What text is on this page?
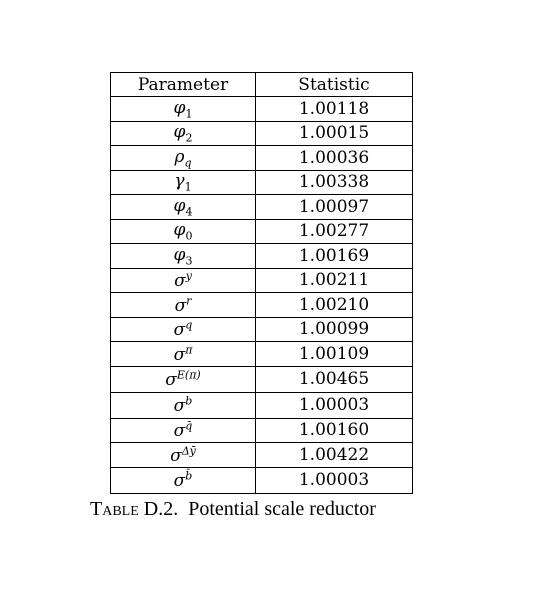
Parameter	Statistic
$\varphi_1$	1.00118
$\varphi_2$	1.00015
$\rho_q$	1.00036
$\gamma_1$	1.00338
$\varphi_4$	1.00097
$\varphi_0$	1.00277
$\varphi_3$	1.00169
$\sigma^y$	1.00211
$\sigma^r$	1.00210
$\sigma^q$	1.00099
$\sigma^\pi$	1.00109
$\sigma^{E(\pi)}$	1.00465
$\sigma^b$	1.00003
$\sigma^{q̄}$	1.00160
$\sigma^{\Delta ȳ}$	1.00422
$\sigma^{b̄}$	1.00003
Table D.2. Potential scale reductor
